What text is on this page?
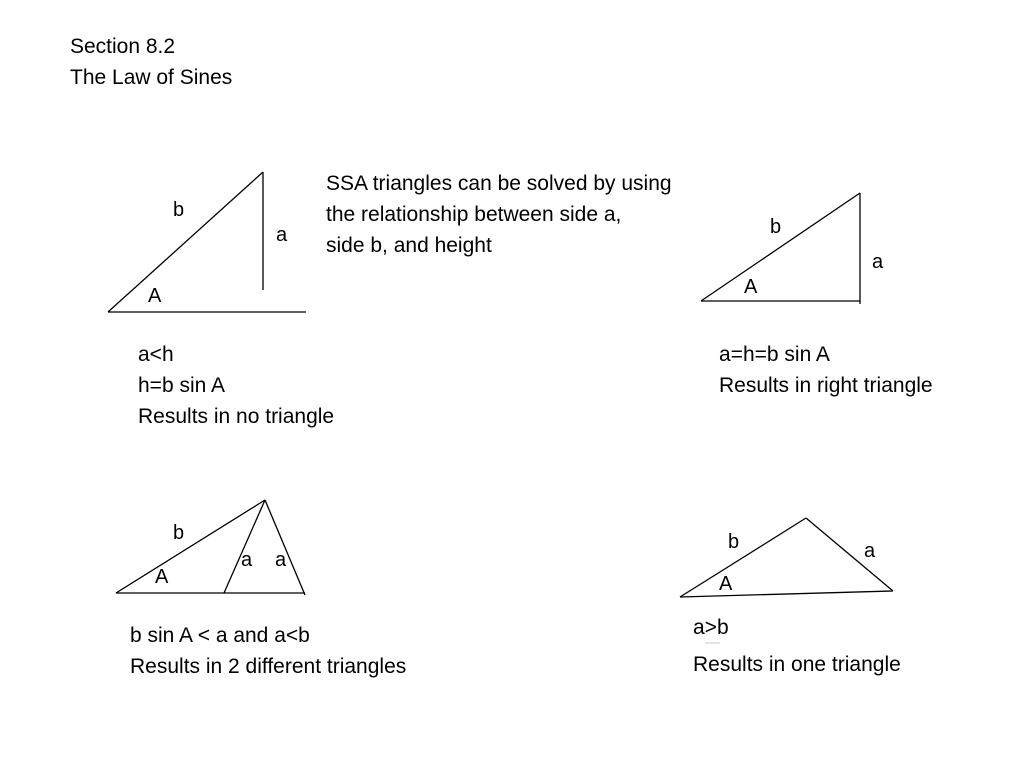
Section 8.2
The Law of Sines
SSA triangles can be solved by using
the relationship between side a,
side b, and height
b
a
A
a<h
h=b sin A
Results in no triangle
b
a
A
a=h=b sin A
Results in right triangle
b
a a
A
b sin A < a and a<b
Results in 2 different triangles
b	a
A
a>b
Results in one triangle
